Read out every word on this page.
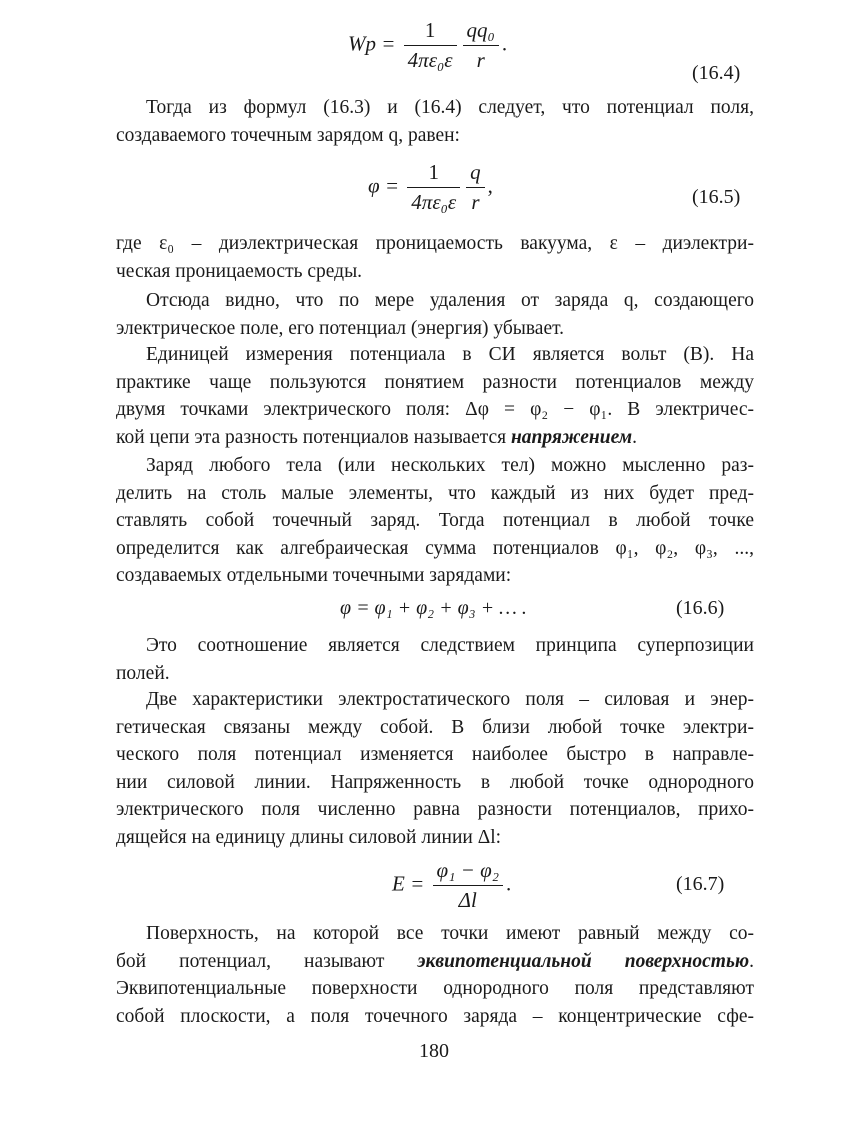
$Wp = \frac{1}{\text{4πε₀ε}} \frac{\text{qq₀}}{r}$ .
(16.4)
Тогда из формул (16.3) и (16.4) следует, что потенциал поля,
создаваемого точечным зарядом q, равен:
$\varphi = \frac{1}{\text{4πε₀ε}} \frac{q}{r}$ ,	(16.5)
где ε₀ – диэлектрическая проницаемость вакуума, ε – диэлектри-
ческая проницаемость среды.
Отсюда видно, что по мере удаления от заряда q, создающего
электрическое поле, его потенциал (энергия) убывает.
Единицей измерения потенциала в СИ является вольт (В). На
практике чаще пользуются понятием разности потенциалов между
двумя точками электрического поля: Δφ = φ₂ − φ₁. В электричес-
кой цепи эта разность потенциалов называется напряжением.
Заряд любого тела (или нескольких тел) можно мысленно раз-
делить на столь малые элементы, что каждый из них будет пред-
ставлять собой точечный заряд. Тогда потенциал в любой точке
определится как алгебраическая сумма потенциалов φ₁, φ₂, φ₃, ...,
создаваемых отдельными точечными зарядами:
φ = φ₁ + φ₂ + φ₃ + … .	(16.6)
Это соотношение является следствием принципа суперпозиции
полей.
Две характеристики электростатического поля – силовая и энер-
гетическая связаны между собой. В близи любой точке электри-
ческого поля потенциал изменяется наиболее быстро в направле-
нии силовой линии. Напряженность в любой точке однородного
электрического поля численно равна разности потенциалов, прихо-
дящейся на единицу длины силовой линии Δl:
$E = \frac{\text{φ₁ − φ₂}}{\Delta l}$ .	(16.7)
Поверхность, на которой все точки имеют равный между со-
бой потенциал, называют эквипотенциальной поверхностью.
Эквипотенциальные поверхности однородного поля представляют
собой плоскости, а поля точечного заряда – концентрические сфе-
180
